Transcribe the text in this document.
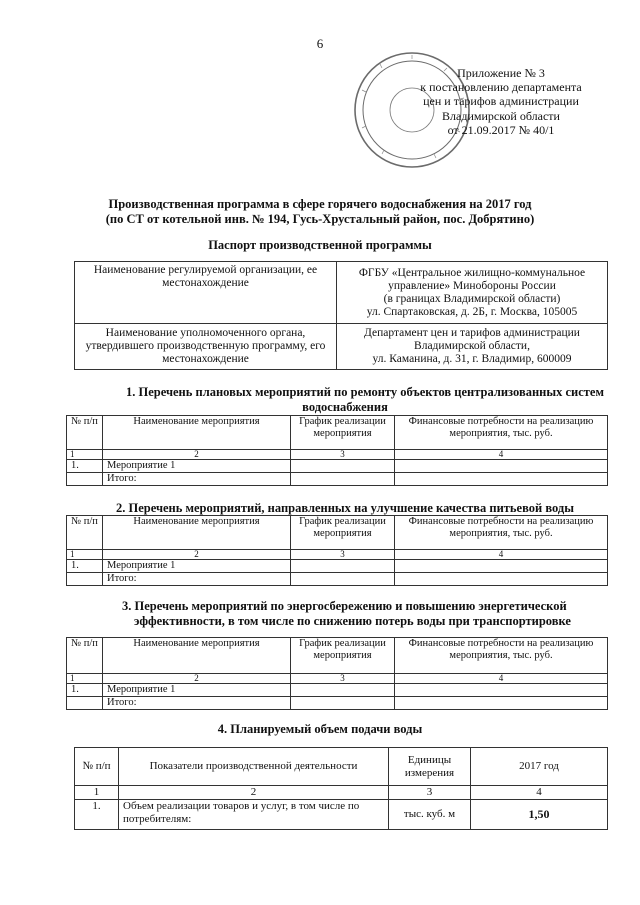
6
Приложение № 3
к постановлению департамента
цен и тарифов администрации
Владимирской области
от 21.09.2017 № 40/1
Производственная программа в сфере горячего водоснабжения на 2017 год
(по СТ от котельной инв. № 194, Гусь-Хрустальный район, пос. Добрятино)
Паспорт производственной программы
Наименование регулируемой организации, ее местонахождение	ФГБУ «Центральное жилищно-коммунальное
управление» Минобороны России
(в границах Владимирской области)
ул. Спартаковская, д. 2Б, г. Москва, 105005

Наименование уполномоченного органа, утвердившего производственную программу, его местонахождение	Департамент цен и тарифов администрации
Владимирской области,
ул. Каманина, д. 31, г. Владимир, 600009
1. Перечень плановых мероприятий по ремонту объектов централизованных систем
водоснабжения
№ п/п	Наименование мероприятия	График реализации мероприятия	Финансовые потребности на реализацию мероприятия, тыс. руб.
1	2	3	4
1.	Мероприятие 1		
	Итого:		
2. Перечень мероприятий, направленных на улучшение качества питьевой воды
№ п/п	Наименование мероприятия	График реализации мероприятия	Финансовые потребности на реализацию мероприятия, тыс. руб.
1	2	3	4
1.	Мероприятие 1		
	Итого:		
3. Перечень мероприятий по энергосбережению и повышению энергетической
эффективности, в том числе по снижению потерь воды при транспортировке
№ п/п	Наименование мероприятия	График реализации мероприятия	Финансовые потребности на реализацию мероприятия, тыс. руб.
1	2	3	4
1.	Мероприятие 1		
	Итого:		
4. Планируемый объем подачи воды
№ п/п	Показатели производственной деятельности	Единицы измерения	2017 год
1	2	3	4
1.	Объем реализации товаров и услуг, в том числе по потребителям:	тыс. куб. м	1,50
